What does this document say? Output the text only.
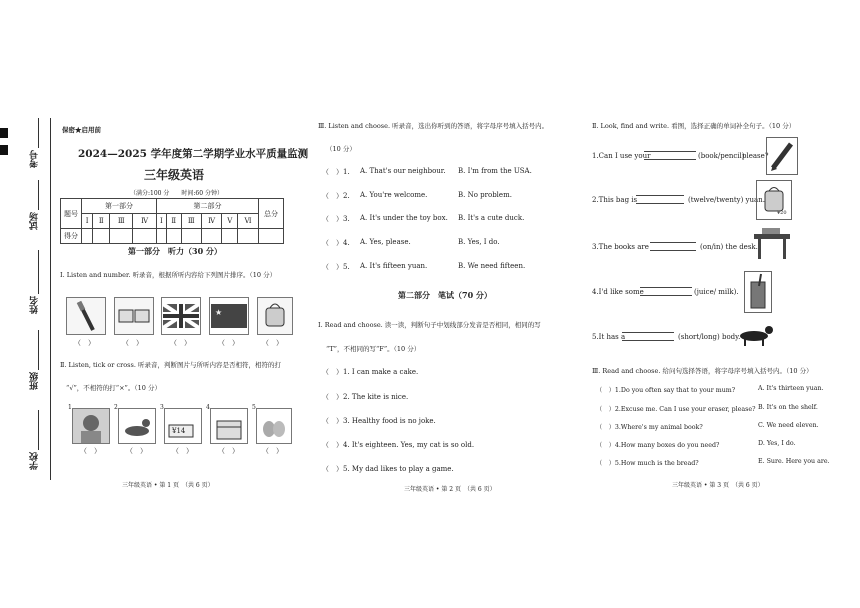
考号
试场
姓名
班级
学校
保密★启用前
2024—2025 学年度第二学期学业水平质量监测
三年级英语
（满分:100 分　　时间:60 分钟）
题号	第一部分				第二部分						总分
	Ⅰ	Ⅱ	Ⅲ	Ⅳ	Ⅰ	Ⅱ	Ⅲ	Ⅳ	Ⅴ	Ⅵ	
得分											
第一部分　听力（30 分）
Ⅰ. Listen and number. 听录音，根据所听内容给下列图片排序。（10 分）
★
（　）	（　）	（　）	（　）	（　）
Ⅱ. Listen, tick or cross. 听录音，判断图片与所听内容是否相符，相符的打
“√”，不相符的打“×”。（10 分）
1	2	3
¥14
4	5
（　）	（　）	（　）	（　）	（　）
三年级英语 • 第 1 页　（共 6 页）
Ⅲ. Listen and choose. 听录音，选出你听到的答语，将字母序号填入括号内。
（10 分）
（　）1. A. That's our neighbour. B. I'm from the USA.
（　）2. A. You're welcome.	B. No problem.
（　）3. A. It's under the toy box. B. It's a cute duck.
（　）4. A. Yes, please.	B. Yes, I do.
（　）5. A. It's fifteen yuan.	B. We need fifteen.
第二部分　笔试（70 分）
Ⅰ. Read and choose. 读一读，判断句子中划线部分发音是否相同，相同的写
“T”，不相同的写“F”。（10 分）
（　）1. I can make a cake.
（　）2. The kite is nice.
（　）3. Healthy food is no joke.
（　）4. It's eighteen. Yes, my cat is so old.
（　）5. My dad likes to play a game.
三年级英语 • 第 2 页　（共 6 页）
Ⅱ. Look, find and write. 看图，选择正确的单词补全句子。（10 分）
1.Can I use your	(book/pencil)
please?
2.This bag is	(twelve/twenty) yuan.
¥20
3.The books are	(on/in) the desk.
4.I'd like some	(juice/ milk).
5.It has a	(short/long) body.
Ⅲ. Read and choose. 给问句选择答语，将字母序号填入括号内。（10 分）
（　）1.Do you often say that to your mum?	A. It's thirteen yuan.
（　）2.Excuse me. Can I use your eraser, please? B. It's on the shelf.
（　）3.Where's my animal book?	C. We need eleven.
（　）4.How many boxes do you need?	D. Yes, I do.
（　）5.How much is the bread?	E. Sure. Here you are.
三年级英语 • 第 3 页　（共 6 页）
